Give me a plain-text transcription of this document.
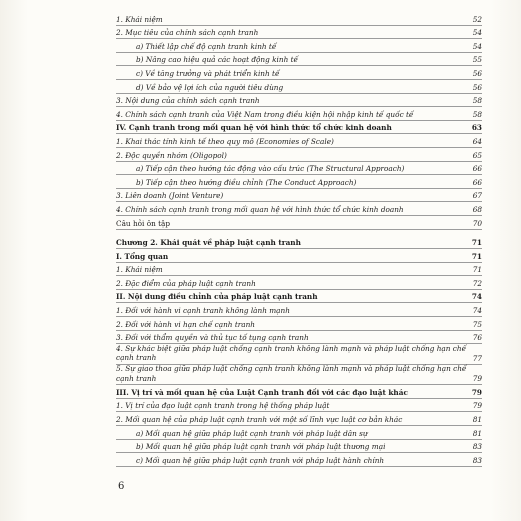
1. Khái niệm	52
2. Mục tiêu của chính sách cạnh tranh	54
a) Thiết lập chế độ cạnh tranh kinh tế	54
b) Nâng cao hiệu quả các hoạt động kinh tế	55
c) Về tăng trưởng và phát triển kinh tế	56
d) Về bảo vệ lợi ích của người tiêu dùng	56
3. Nội dung của chính sách cạnh tranh	58
4. Chính sách cạnh tranh của Việt Nam trong điều kiện hội nhập kinh tế quốc tế	58
IV. Cạnh tranh trong mối quan hệ với hình thức tổ chức kinh doanh	63
1. Khai thác tính kinh tế theo quy mô (Economies of Scale)	64
2. Độc quyền nhóm (Oligopol)	65
a) Tiếp cận theo hướng tác động vào cấu trúc (The Structural Approach)	66
b) Tiếp cận theo hướng điều chỉnh (The Conduct Approach)	66
3. Liên doanh (Joint Venture)	67
4. Chính sách cạnh tranh trong mối quan hệ với hình thức tổ chức kinh doanh	68
Câu hỏi ôn tập	70
Chương 2. Khái quát về pháp luật cạnh tranh	71
I. Tổng quan	71
1. Khái niệm	71
2. Đặc điểm của pháp luật cạnh tranh	72
II. Nội dung điều chỉnh của pháp luật cạnh tranh	74
1. Đối với hành vi cạnh tranh không lành mạnh	74
2. Đối với hành vi hạn chế cạnh tranh	75
3. Đối với thẩm quyền và thủ tục tố tụng cạnh tranh	76
4. Sự khác biệt giữa pháp luật chống cạnh tranh không lành mạnh và pháp luật chống hạn chế cạnh tranh	77
5. Sự giao thoa giữa pháp luật chống cạnh tranh không lành mạnh và pháp luật chống hạn chế cạnh tranh	79
III. Vị trí và mối quan hệ của Luật Cạnh tranh đối với các đạo luật khác	79
1. Vị trí của đạo luật cạnh tranh trong hệ thống pháp luật	79
2. Mối quan hệ của pháp luật cạnh tranh với một số lĩnh vực luật cơ bản khác	81
a) Mối quan hệ giữa pháp luật cạnh tranh với pháp luật dân sự	81
b) Mối quan hệ giữa pháp luật cạnh tranh với pháp luật thương mại	83
c) Mối quan hệ giữa pháp luật cạnh tranh với pháp luật hành chính	83
6
